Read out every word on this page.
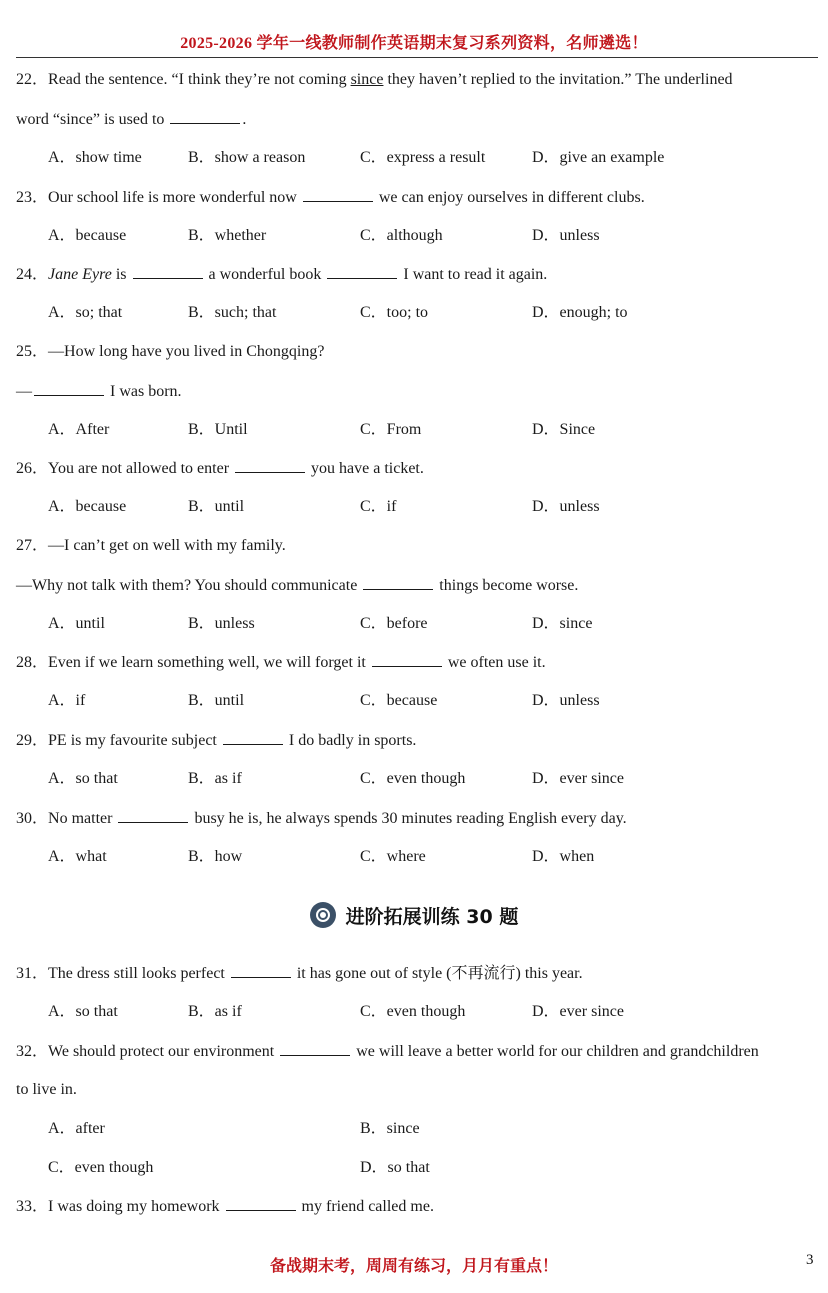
2025-2026 学年一线教师制作英语期末复习系列资料，名师遴选！
22．Read the sentence. “I think they’re not coming since they haven’t replied to the invitation.” The underlined
word “since” is used to	.
A．show time	B．show a reason	C．express a result	D．give an example
23．Our school life is more wonderful now	we can enjoy ourselves in different clubs.
A．because	B．whether	C．although	D．unless
24．Jane Eyre is	a wonderful book	I want to read it again.
A．so; that	B．such; that	C．too; to	D．enough; to
25．—How long have you lived in Chongqing?
—	I was born.
A．After	B．Until	C．From	D．Since
26．You are not allowed to enter	you have a ticket.
A．because	B．until	C．if	D．unless
27．—I can’t get on well with my family.
—Why not talk with them? You should communicate	things become worse.
A．until	B．unless	C．before	D．since
28．Even if we learn something well, we will forget it	we often use it.
A．if	B．until	C．because	D．unless
29．PE is my favourite subject	I do badly in sports.
A．so that	B．as if	C．even though	D．ever since
30．No matter	busy he is, he always spends 30 minutes reading English every day.
A．what	B．how	C．where	D．when
进阶拓展训练 30 题
31．The dress still looks perfect	it has gone out of style (不再流行) this year.
A．so that	B．as if	C．even though	D．ever since
32．We should protect our environment	we will leave a better world for our children and grandchildren
to live in.
A．after	B．since
C．even though	D．so that
33．I was doing my homework	my friend called me.
备战期末考，周周有练习，月月有重点！	3
